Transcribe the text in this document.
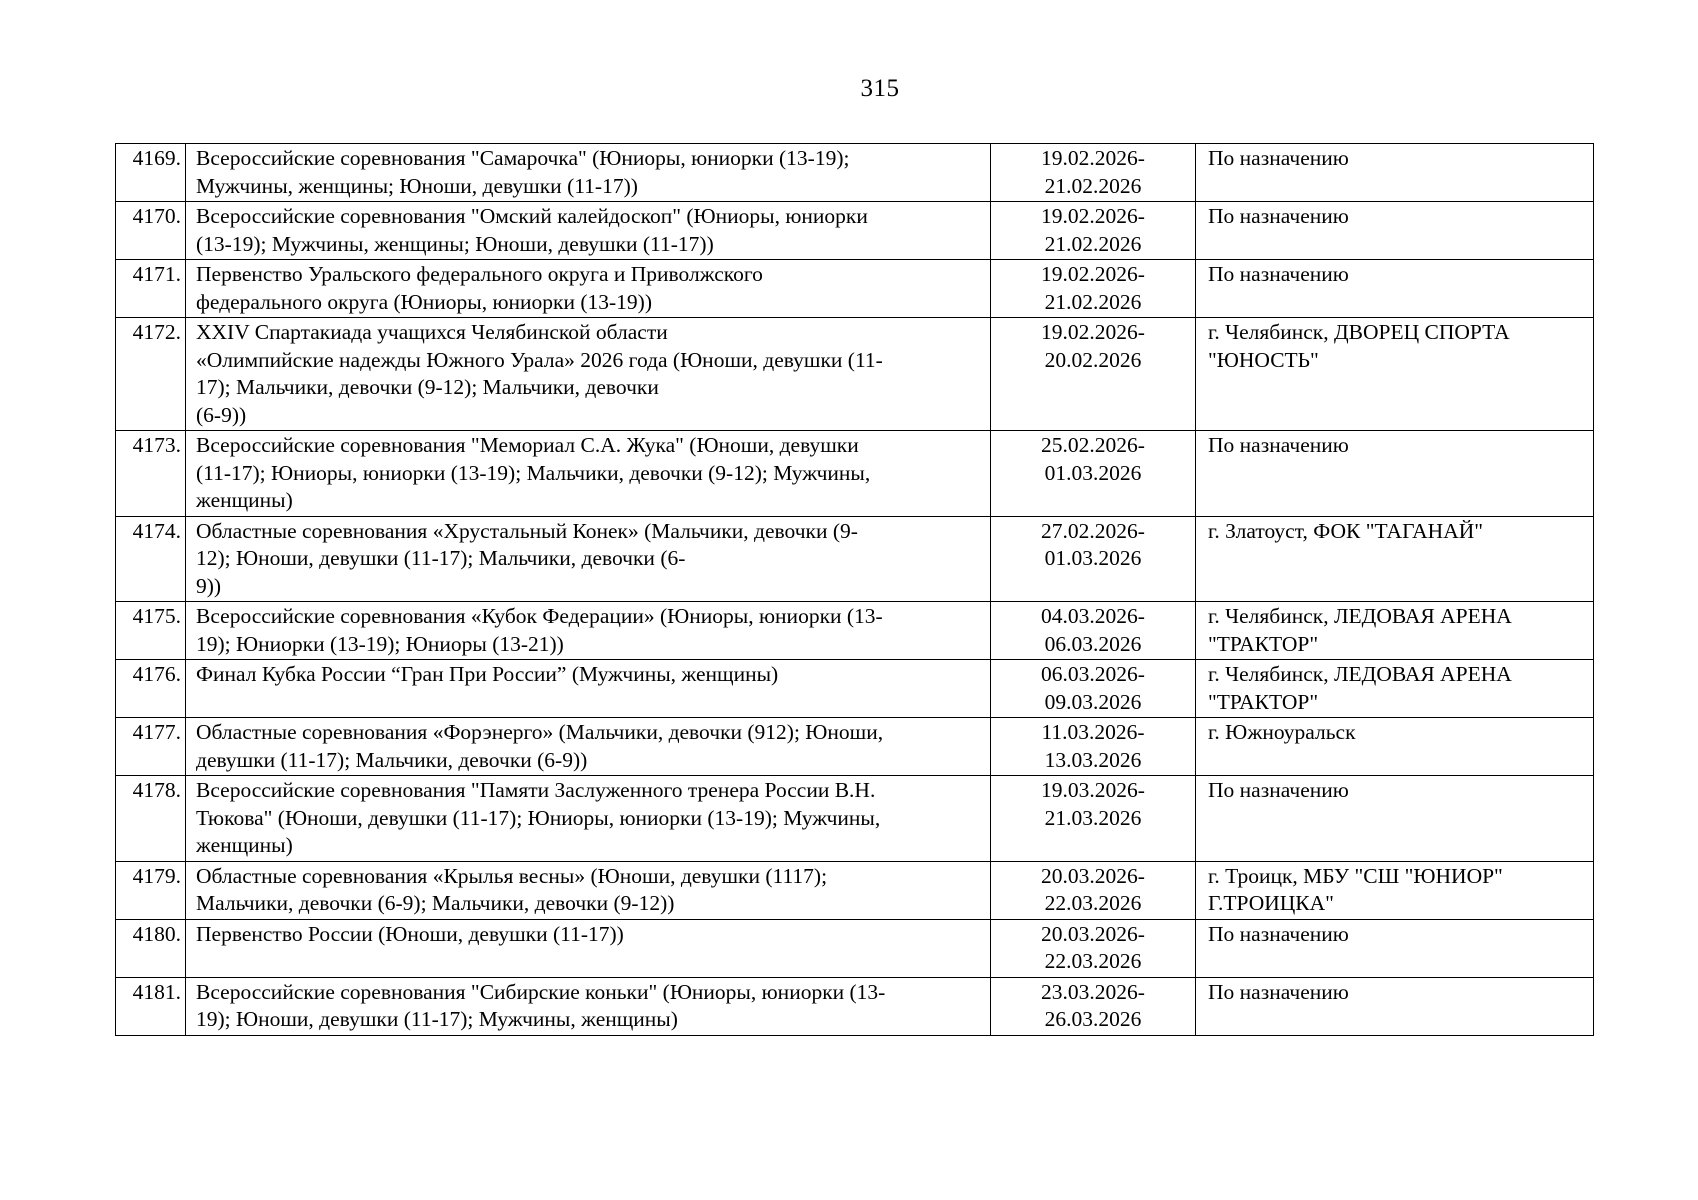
315
4169.	Всероссийские соревнования "Самарочка" (Юниоры, юниорки (13-19);
Мужчины, женщины; Юноши, девушки (11-17))	19.02.2026-
21.02.2026	По назначению
4170.	Всероссийские соревнования "Омский калейдоскоп" (Юниоры, юниорки
(13-19); Мужчины, женщины; Юноши, девушки (11-17))	19.02.2026-
21.02.2026	По назначению
4171.	Первенство Уральского федерального округа и Приволжского
федерального округа (Юниоры, юниорки (13-19))	19.02.2026-
21.02.2026	По назначению
4172.	XXIV Спартакиада учащихся Челябинской области
«Олимпийские надежды Южного Урала» 2026 года (Юноши, девушки (11-
17); Мальчики, девочки (9-12); Мальчики, девочки
(6-9))	19.02.2026-
20.02.2026	г. Челябинск, ДВОРЕЦ СПОРТА
"ЮНОСТЬ"
4173.	Всероссийские соревнования "Мемориал С.А. Жука" (Юноши, девушки
(11-17); Юниоры, юниорки (13-19); Мальчики, девочки (9-12); Мужчины,
женщины)	25.02.2026-
01.03.2026	По назначению
4174.	Областные соревнования «Хрустальный Конек» (Мальчики, девочки (9-
12); Юноши, девушки (11-17); Мальчики, девочки (6-
9))	27.02.2026-
01.03.2026	г. Златоуст, ФОК "ТАГАНАЙ"
4175.	Всероссийские соревнования «Кубок Федерации» (Юниоры, юниорки (13-
19); Юниорки (13-19); Юниоры (13-21))	04.03.2026-
06.03.2026	г. Челябинск, ЛЕДОВАЯ АРЕНА
"ТРАКТОР"
4176.	Финал Кубка России “Гран При России” (Мужчины, женщины)	06.03.2026-
09.03.2026	г. Челябинск, ЛЕДОВАЯ АРЕНА
"ТРАКТОР"
4177.	Областные соревнования «Форэнерго» (Мальчики, девочки (912); Юноши,
девушки (11-17); Мальчики, девочки (6-9))	11.03.2026-
13.03.2026	г. Южноуральск
4178.	Всероссийские соревнования "Памяти Заслуженного тренера России В.Н.
Тюкова" (Юноши, девушки (11-17); Юниоры, юниорки (13-19); Мужчины,
женщины)	19.03.2026-
21.03.2026	По назначению
4179.	Областные соревнования «Крылья весны» (Юноши, девушки (1117);
Мальчики, девочки (6-9); Мальчики, девочки (9-12))	20.03.2026-
22.03.2026	г. Троицк, МБУ "СШ "ЮНИОР"
Г.ТРОИЦКА"
4180.	Первенство России (Юноши, девушки (11-17))	20.03.2026-
22.03.2026	По назначению
4181.	Всероссийские соревнования "Сибирские коньки" (Юниоры, юниорки (13-
19); Юноши, девушки (11-17); Мужчины, женщины)	23.03.2026-
26.03.2026	По назначению
